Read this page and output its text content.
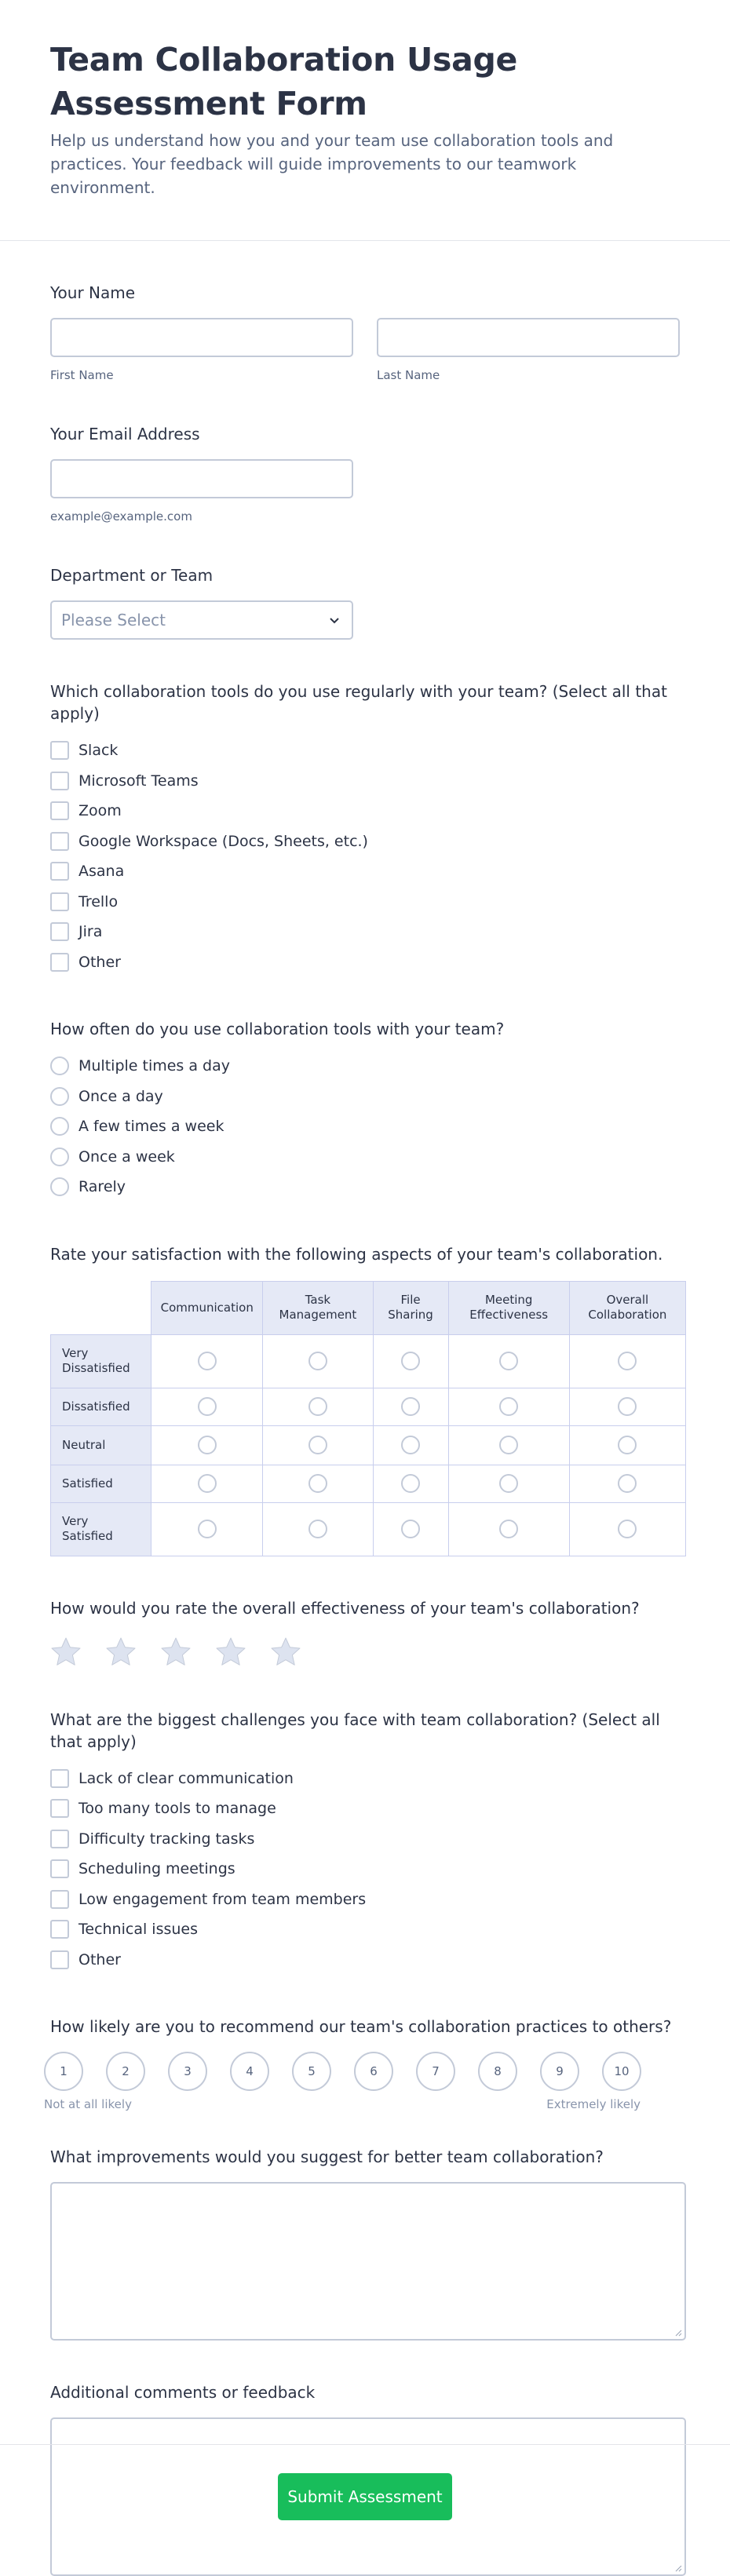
Team Collaboration Usage Assessment Form

Help us understand how you and your team use collaboration tools and practices. Your feedback will guide improvements to our teamwork environment.

Your Name
First Name	Last Name
Your Email Address
example@example.com
Department or Team
Please Select
Which collaboration tools do you use regularly with your team? (Select all that apply)
Slack
Microsoft Teams
Zoom
Google Workspace (Docs, Sheets, etc.)
Asana
Trello
Jira
Other
How often do you use collaboration tools with your team?
Multiple times a day
Once a day
A few times a week
Once a week
Rarely
Rate your satisfaction with the following aspects of your team's collaboration.
	Communication	Task Management	File Sharing	Meeting Effectiveness	Overall Collaboration
Very Dissatisfied					
Dissatisfied					
Neutral					
Satisfied					
Very Satisfied					
How would you rate the overall effectiveness of your team's collaboration?
What are the biggest challenges you face with team collaboration? (Select all that apply)
Lack of clear communication
Too many tools to manage
Difficulty tracking tasks
Scheduling meetings
Low engagement from team members
Technical issues
Other
How likely are you to recommend our team's collaboration practices to others?
1	2	3	4	5	6	7	8	9	10
Not at all likely	Extremely likely
What improvements would you suggest for better team collaboration?
Additional comments or feedback
Submit Assessment
